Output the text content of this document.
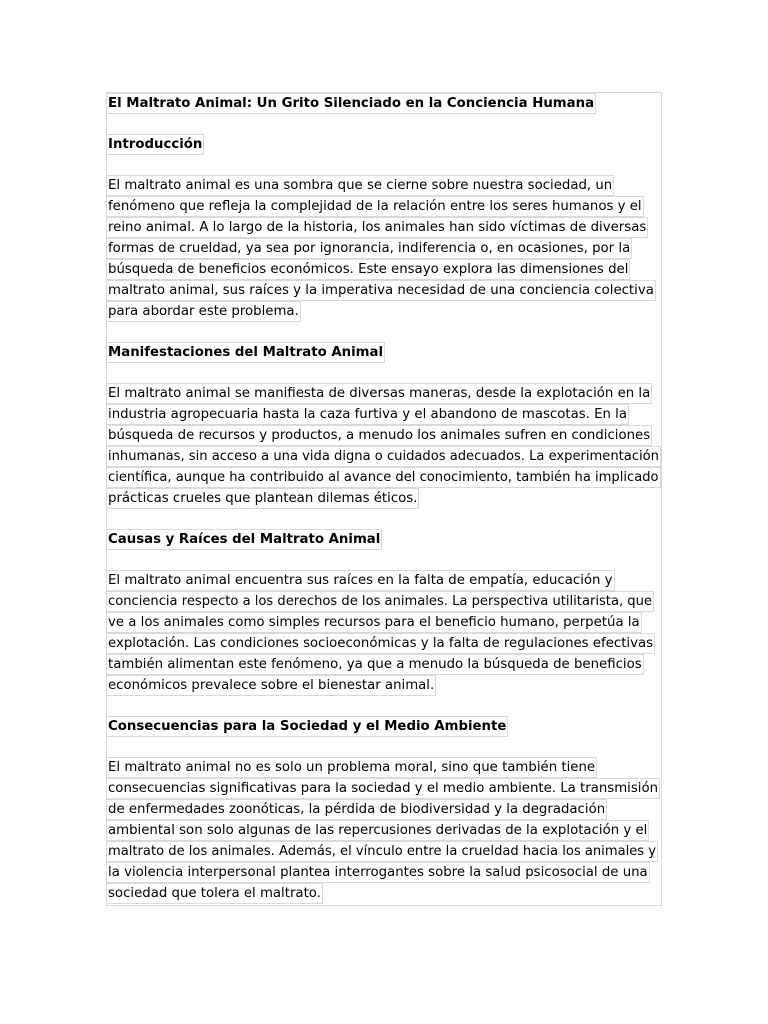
El Maltrato Animal: Un Grito Silenciado en la Conciencia Humana
Introducción
El maltrato animal es una sombra que se cierne sobre nuestra sociedad, un
fenómeno que refleja la complejidad de la relación entre los seres humanos y el
reino animal. A lo largo de la historia, los animales han sido víctimas de diversas
formas de crueldad, ya sea por ignorancia, indiferencia o, en ocasiones, por la
búsqueda de beneficios económicos. Este ensayo explora las dimensiones del
maltrato animal, sus raíces y la imperativa necesidad de una conciencia colectiva
para abordar este problema.
Manifestaciones del Maltrato Animal
El maltrato animal se manifiesta de diversas maneras, desde la explotación en la
industria agropecuaria hasta la caza furtiva y el abandono de mascotas. En la
búsqueda de recursos y productos, a menudo los animales sufren en condiciones
inhumanas, sin acceso a una vida digna o cuidados adecuados. La experimentación
científica, aunque ha contribuido al avance del conocimiento, también ha implicado
prácticas crueles que plantean dilemas éticos.
Causas y Raíces del Maltrato Animal
El maltrato animal encuentra sus raíces en la falta de empatía, educación y
conciencia respecto a los derechos de los animales. La perspectiva utilitarista, que
ve a los animales como simples recursos para el beneficio humano, perpetúa la
explotación. Las condiciones socioeconómicas y la falta de regulaciones efectivas
también alimentan este fenómeno, ya que a menudo la búsqueda de beneficios
económicos prevalece sobre el bienestar animal.
Consecuencias para la Sociedad y el Medio Ambiente
El maltrato animal no es solo un problema moral, sino que también tiene
consecuencias significativas para la sociedad y el medio ambiente. La transmisión
de enfermedades zoonóticas, la pérdida de biodiversidad y la degradación
ambiental son solo algunas de las repercusiones derivadas de la explotación y el
maltrato de los animales. Además, el vínculo entre la crueldad hacia los animales y
la violencia interpersonal plantea interrogantes sobre la salud psicosocial de una
sociedad que tolera el maltrato.
